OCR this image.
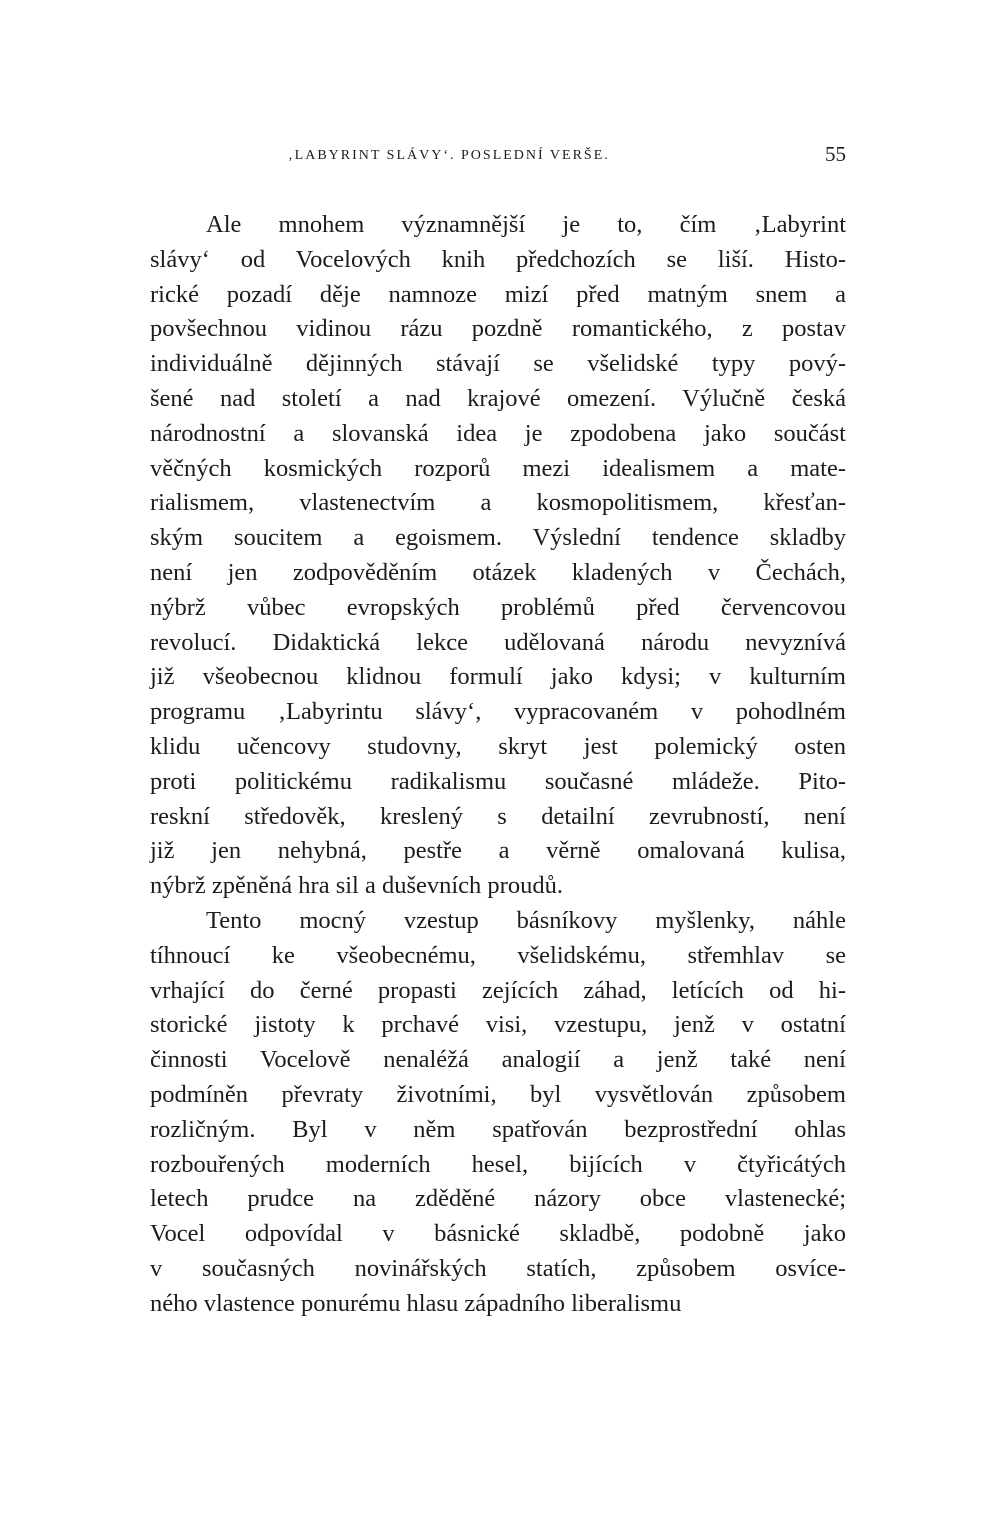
‚LABYRINT SLÁVY‘. POSLEDNÍ VERŠE.	55
Ale mnohem významnější je to, čím ‚Labyrint
slávy‘ od Vocelových knih předchozích se liší. Histo-
rické pozadí děje namnoze mizí před matným snem a
povšechnou vidinou rázu pozdně romantického, z postav
individuálně dějinných stávají se všelidské typy pový-
šené nad století a nad krajové omezení. Výlučně česká
národnostní a slovanská idea je zpodobena jako součást
věčných kosmických rozporů mezi idealismem a mate-
rialismem, vlastenectvím a kosmopolitismem, křesťan-
ským soucitem a egoismem. Výslední tendence skladby
není jen zodpověděním otázek kladených v Čechách,
nýbrž vůbec evropských problémů před červencovou
revolucí. Didaktická lekce udělovaná národu nevyznívá
již všeobecnou klidnou formulí jako kdysi; v kulturním
programu ‚Labyrintu slávy‘, vypracovaném v pohodlném
klidu učencovy studovny, skryt jest polemický osten
proti politickému radikalismu současné mládeže. Pito-
reskní středověk, kreslený s detailní zevrubností, není
již jen nehybná, pestře a věrně omalovaná kulisa,
nýbrž zpěněná hra sil a duševních proudů.
Tento mocný vzestup básníkovy myšlenky, náhle
tíhnoucí ke všeobecnému, všelidskému, střemhlav se
vrhající do černé propasti zejících záhad, letících od hi-
storické jistoty k prchavé visi, vzestupu, jenž v ostatní
činnosti Vocelově nenaléžá analogií a jenž také není
podmíněn převraty životními, byl vysvětlován způsobem
rozličným. Byl v něm spatřován bezprostřední ohlas
rozbouřených moderních hesel, bijících v čtyřicátých
letech prudce na zděděné názory obce vlastenecké;
Vocel odpovídal v básnické skladbě, podobně jako
v současných novinářských statích, způsobem osvíce-
ného vlastence ponurému hlasu západního liberalismu
